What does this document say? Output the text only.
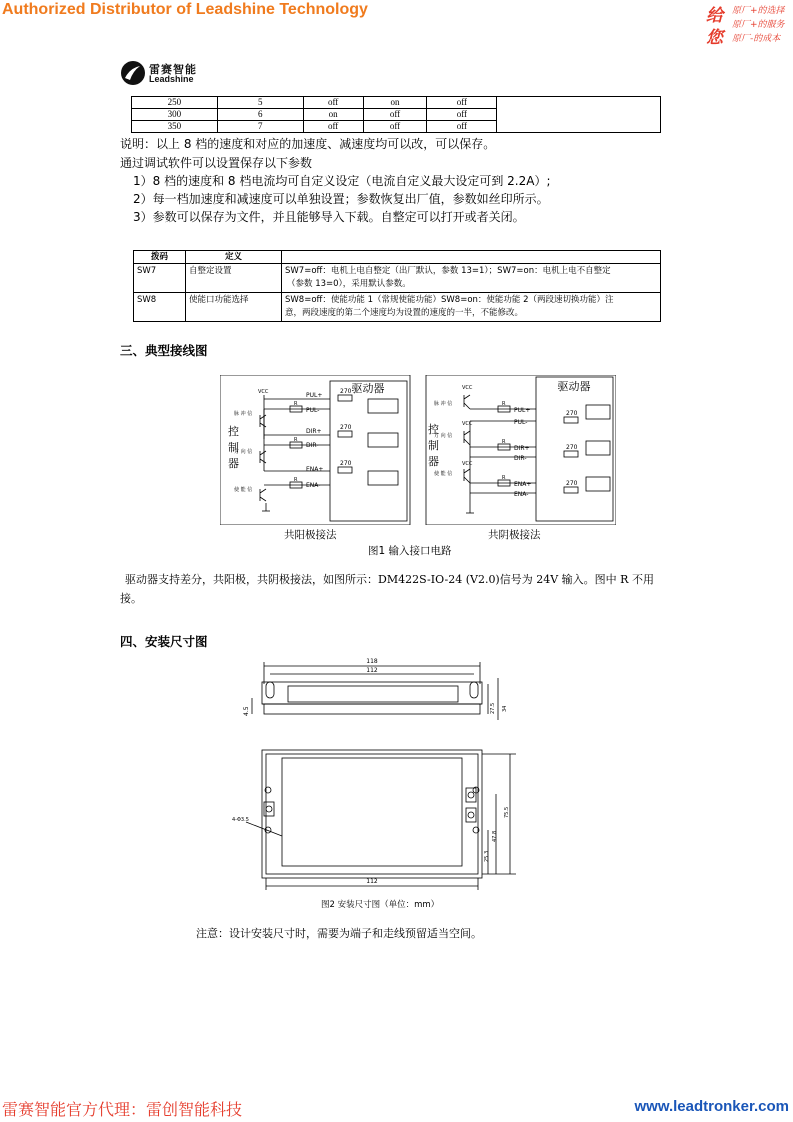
Authorized Distributor of Leadshine Technology	给
您
原厂+的选择
原厂+的服务
原厂-的成本
雷赛智能
Leadshine
250	5	off	on	off	
300	6	on	off	off	
350	7	off	off	off	
说明：以上 8 档的速度和对应的加速度、减速度均可以改，可以保存。
通过调试软件可以设置保存以下参数
1）8 档的速度和 8 档电流均可自定义设定（电流自定义最大设定可到 2.2A）;
2）每一档加速度和减速度可以单独设置；参数恢复出厂值，参数如丝印所示。
3）参数可以保存为文件，并且能够导入下载。自整定可以打开或者关闭。
拨码	定义	
SW7	自整定设置	SW7=off：电机上电自整定（出厂默认，参数 13=1）；SW7=on：电机上电不自整定
（参数 13=0），采用默认参数。

SW8	使能口功能选择	SW8=off：使能功能 1（常规使能功能）SW8=on：使能功能 2（两段速切换功能）注
意，两段速度的第二个速度均为设置的速度的一半，不能修改。
三、典型接线图
驱动器
控
制
器
VCC	PUL+
270
脉 冲 信
R
PUL-
DIR+
270
方 向 信
R
DIR-
ENA+
270
使 能 信
R
ENA-
驱动器
控
制
器
VCC
VCC
VCC
脉 冲 信
方 向 信
使 能 信
R
PUL+
PUL-
270
R
DIR+
DIR-
270
R
ENA+
ENA-
270
共阳极接法	共阴极接法
图1 输入接口电路
驱动器支持差分，共阳极，共阴极接法，如图所示：DM422S-IO-24 (V2.0)信号为 24V 输入。图中 R 不用
接。
四、安装尺寸图
118
112
4.5	27.5 34
4-Φ3.5
75.5
47.8
25.3
112
图2 安装尺寸图（单位：mm）
注意：设计安装尺寸时，需要为端子和走线预留适当空间。
雷赛智能官方代理：雷创智能科技	www.leadtronker.com
